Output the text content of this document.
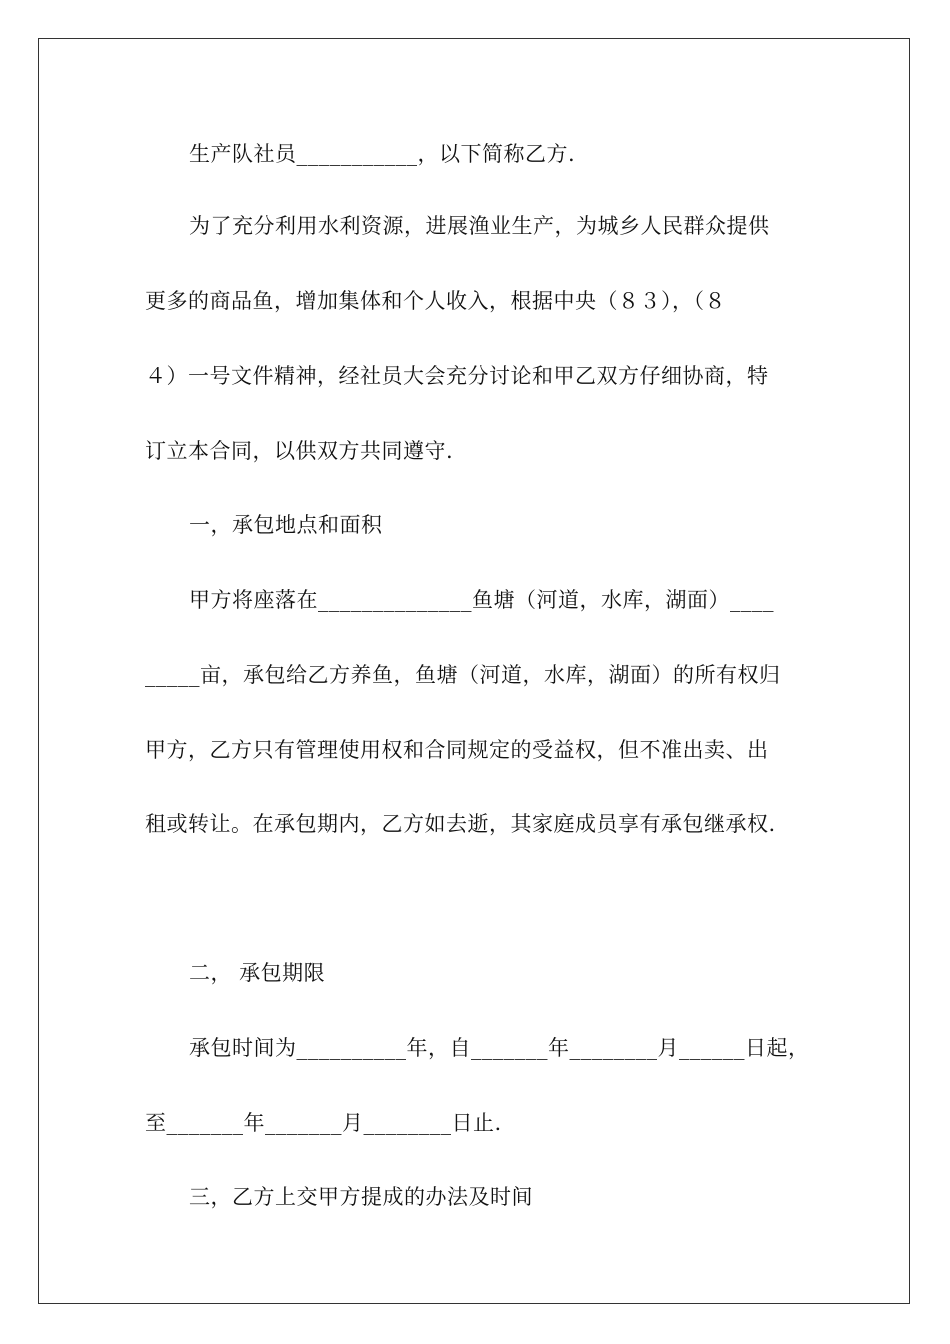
生产队社员___________，以下简称乙方.
为了充分利用水利资源，进展渔业生产，为城乡人民群众提供
更多的商品鱼，增加集体和个人收入，根据中央（８３），（８
４）一号文件精神，经社员大会充分讨论和甲乙双方仔细协商，特
订立本合同，以供双方共同遵守.
一，承包地点和面积
甲方将座落在______________鱼塘（河道，水库，湖面）____
_____亩，承包给乙方养鱼，鱼塘（河道，水库，湖面）的所有权归
甲方，乙方只有管理使用权和合同规定的受益权，但不准出卖、出
租或转让。在承包期内，乙方如去逝，其家庭成员享有承包继承权.
二， 承包期限
承包时间为__________年，自_______年________月______日起，
至_______年_______月________日止.
三，乙方上交甲方提成的办法及时间
